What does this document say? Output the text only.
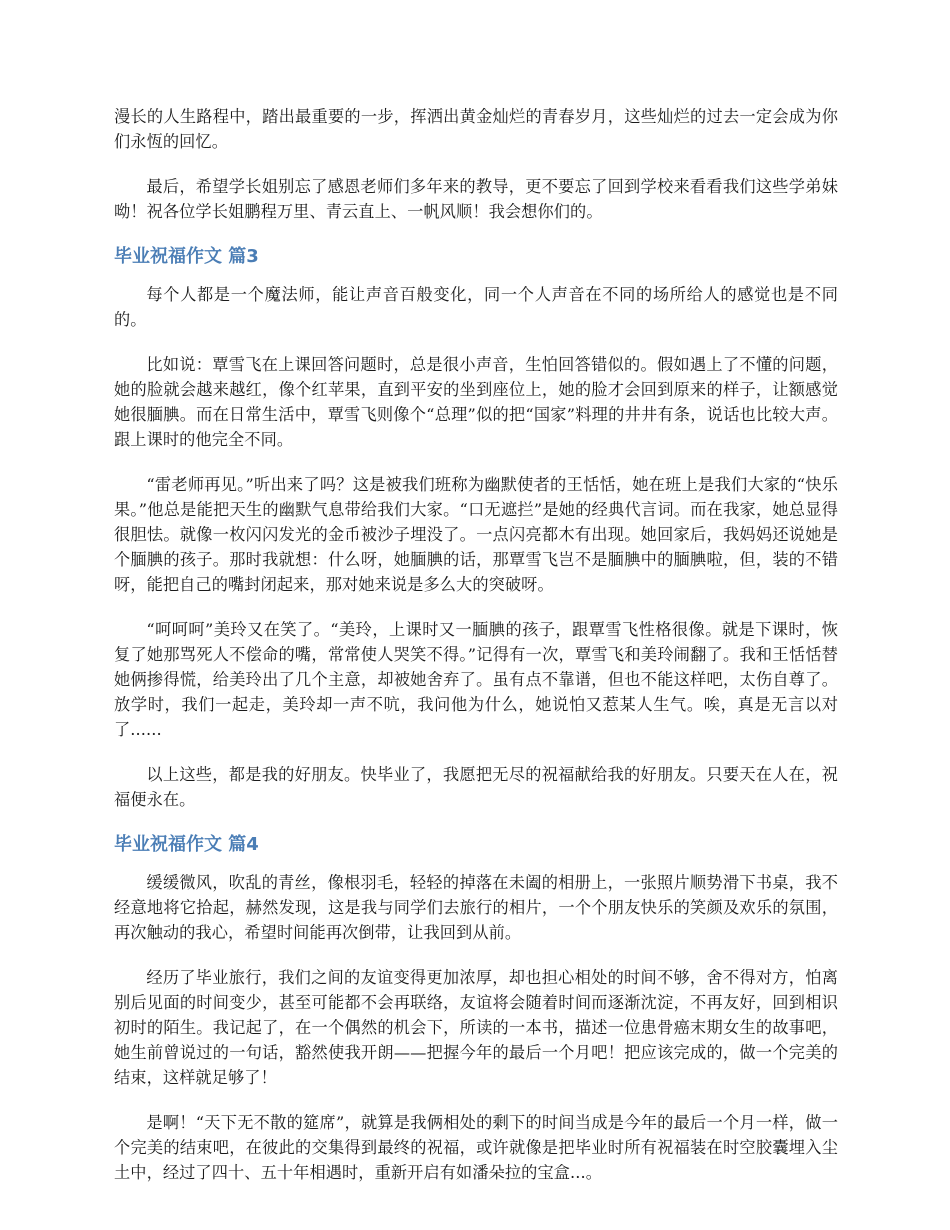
漫长的人生路程中，踏出最重要的一步，挥洒出黄金灿烂的青春岁月，这些灿烂的过去一定会成为你们永恆的回忆。

最后，希望学长姐别忘了感恩老师们多年来的教导，更不要忘了回到学校来看看我们这些学弟妹呦！祝各位学长姐鹏程万里、青云直上、一帆风顺！我会想你们的。

毕业祝福作文 篇3

每个人都是一个魔法师，能让声音百般变化，同一个人声音在不同的场所给人的感觉也是不同的。

比如说：覃雪飞在上课回答问题时，总是很小声音，生怕回答错似的。假如遇上了不懂的问题，她的脸就会越来越红，像个红苹果，直到平安的坐到座位上，她的脸才会回到原来的样子，让额感觉她很腼腆。而在日常生活中，覃雪飞则像个“总理”似的把“国家”料理的井井有条，说话也比较大声。跟上课时的他完全不同。

“雷老师再见。”听出来了吗？这是被我们班称为幽默使者的王恬恬，她在班上是我们大家的“快乐果。”他总是能把天生的幽默气息带给我们大家。“口无遮拦”是她的经典代言词。而在我家，她总显得很胆怯。就像一枚闪闪发光的金币被沙子埋没了。一点闪亮都木有出现。她回家后，我妈妈还说她是个腼腆的孩子。那时我就想：什么呀，她腼腆的话，那覃雪飞岂不是腼腆中的腼腆啦，但，装的不错呀，能把自己的嘴封闭起来，那对她来说是多么大的突破呀。

“呵呵呵”美玲又在笑了。“美玲，上课时又一腼腆的孩子，跟覃雪飞性格很像。就是下课时，恢复了她那骂死人不偿命的嘴，常常使人哭笑不得。”记得有一次，覃雪飞和美玲闹翻了。我和王恬恬替她俩掺得慌，给美玲出了几个主意，却被她舍弃了。虽有点不靠谱，但也不能这样吧，太伤自尊了。放学时，我们一起走，美玲却一声不吭，我问他为什么，她说怕又惹某人生气。唉，真是无言以对了......

以上这些，都是我的好朋友。快毕业了，我愿把无尽的祝福献给我的好朋友。只要天在人在，祝福便永在。

毕业祝福作文 篇4

缓缓微风，吹乱的青丝，像根羽毛，轻轻的掉落在未阖的相册上，一张照片顺势滑下书桌，我不经意地将它拾起，赫然发现，这是我与同学们去旅行的相片，一个个朋友快乐的笑颜及欢乐的氛围，再次触动的我心，希望时间能再次倒带，让我回到从前。

经历了毕业旅行，我们之间的友谊变得更加浓厚，却也担心相处的时间不够，舍不得对方，怕离别后见面的时间变少，甚至可能都不会再联络，友谊将会随着时间而逐渐沈淀，不再友好，回到相识初时的陌生。我记起了，在一个偶然的机会下，所读的一本书，描述一位患骨癌末期女生的故事吧，她生前曾说过的一句话，豁然使我开朗——把握今年的最后一个月吧！把应该完成的，做一个完美的结束，这样就足够了！

是啊！“天下无不散的筵席”，就算是我俩相处的剩下的时间当成是今年的最后一个月一样，做一个完美的结束吧，在彼此的交集得到最终的祝福，或许就像是把毕业时所有祝福装在时空胶囊埋入尘土中，经过了四十、五十年相遇时，重新开启有如潘朵拉的宝盒...。
